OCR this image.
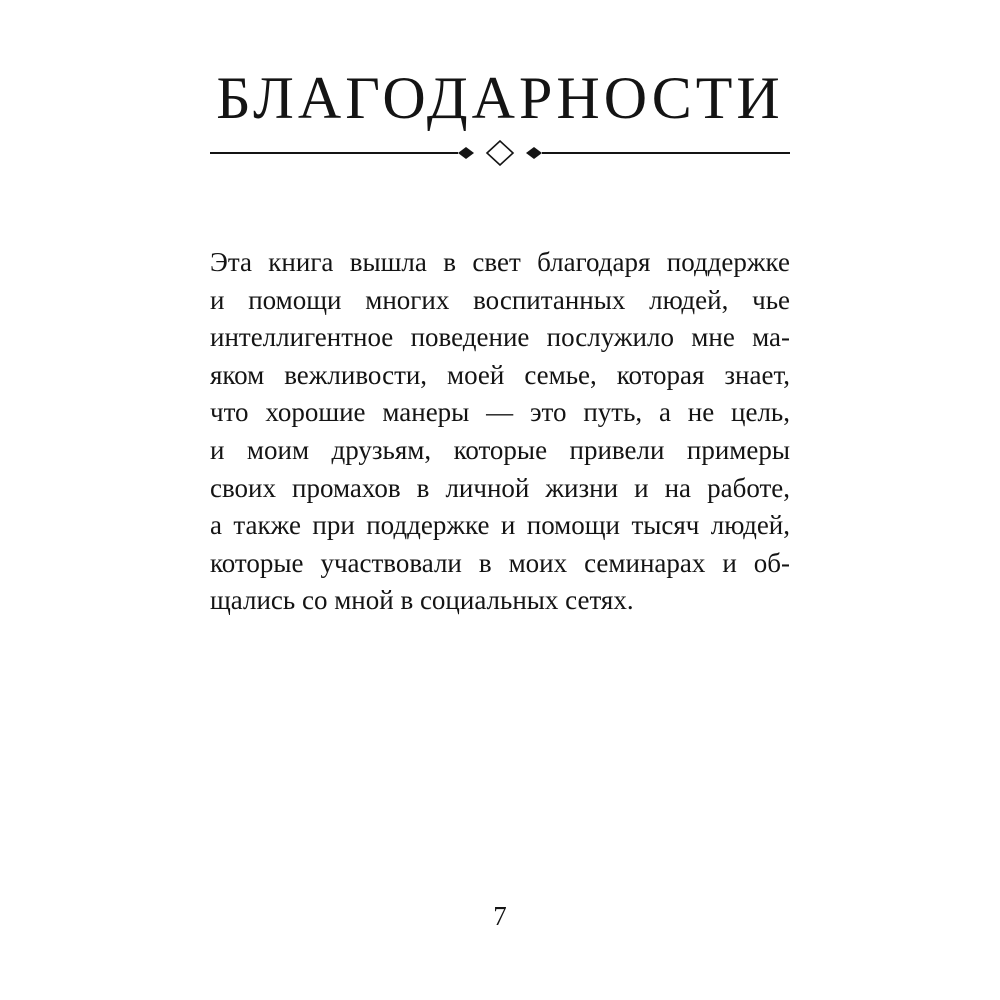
БЛАГОДАРНОСТИ
Эта книга вышла в свет благодаря поддержке
и помощи многих воспитанных людей, чье
интеллигентное поведение послужило мне ма-
яком вежливости, моей семье, которая знает,
что хорошие манеры — это путь, а не цель,
и моим друзьям, которые привели примеры
своих промахов в личной жизни и на работе,
а также при поддержке и помощи тысяч людей,
которые участвовали в моих семинарах и об-
щались со мной в социальных сетях.
7
